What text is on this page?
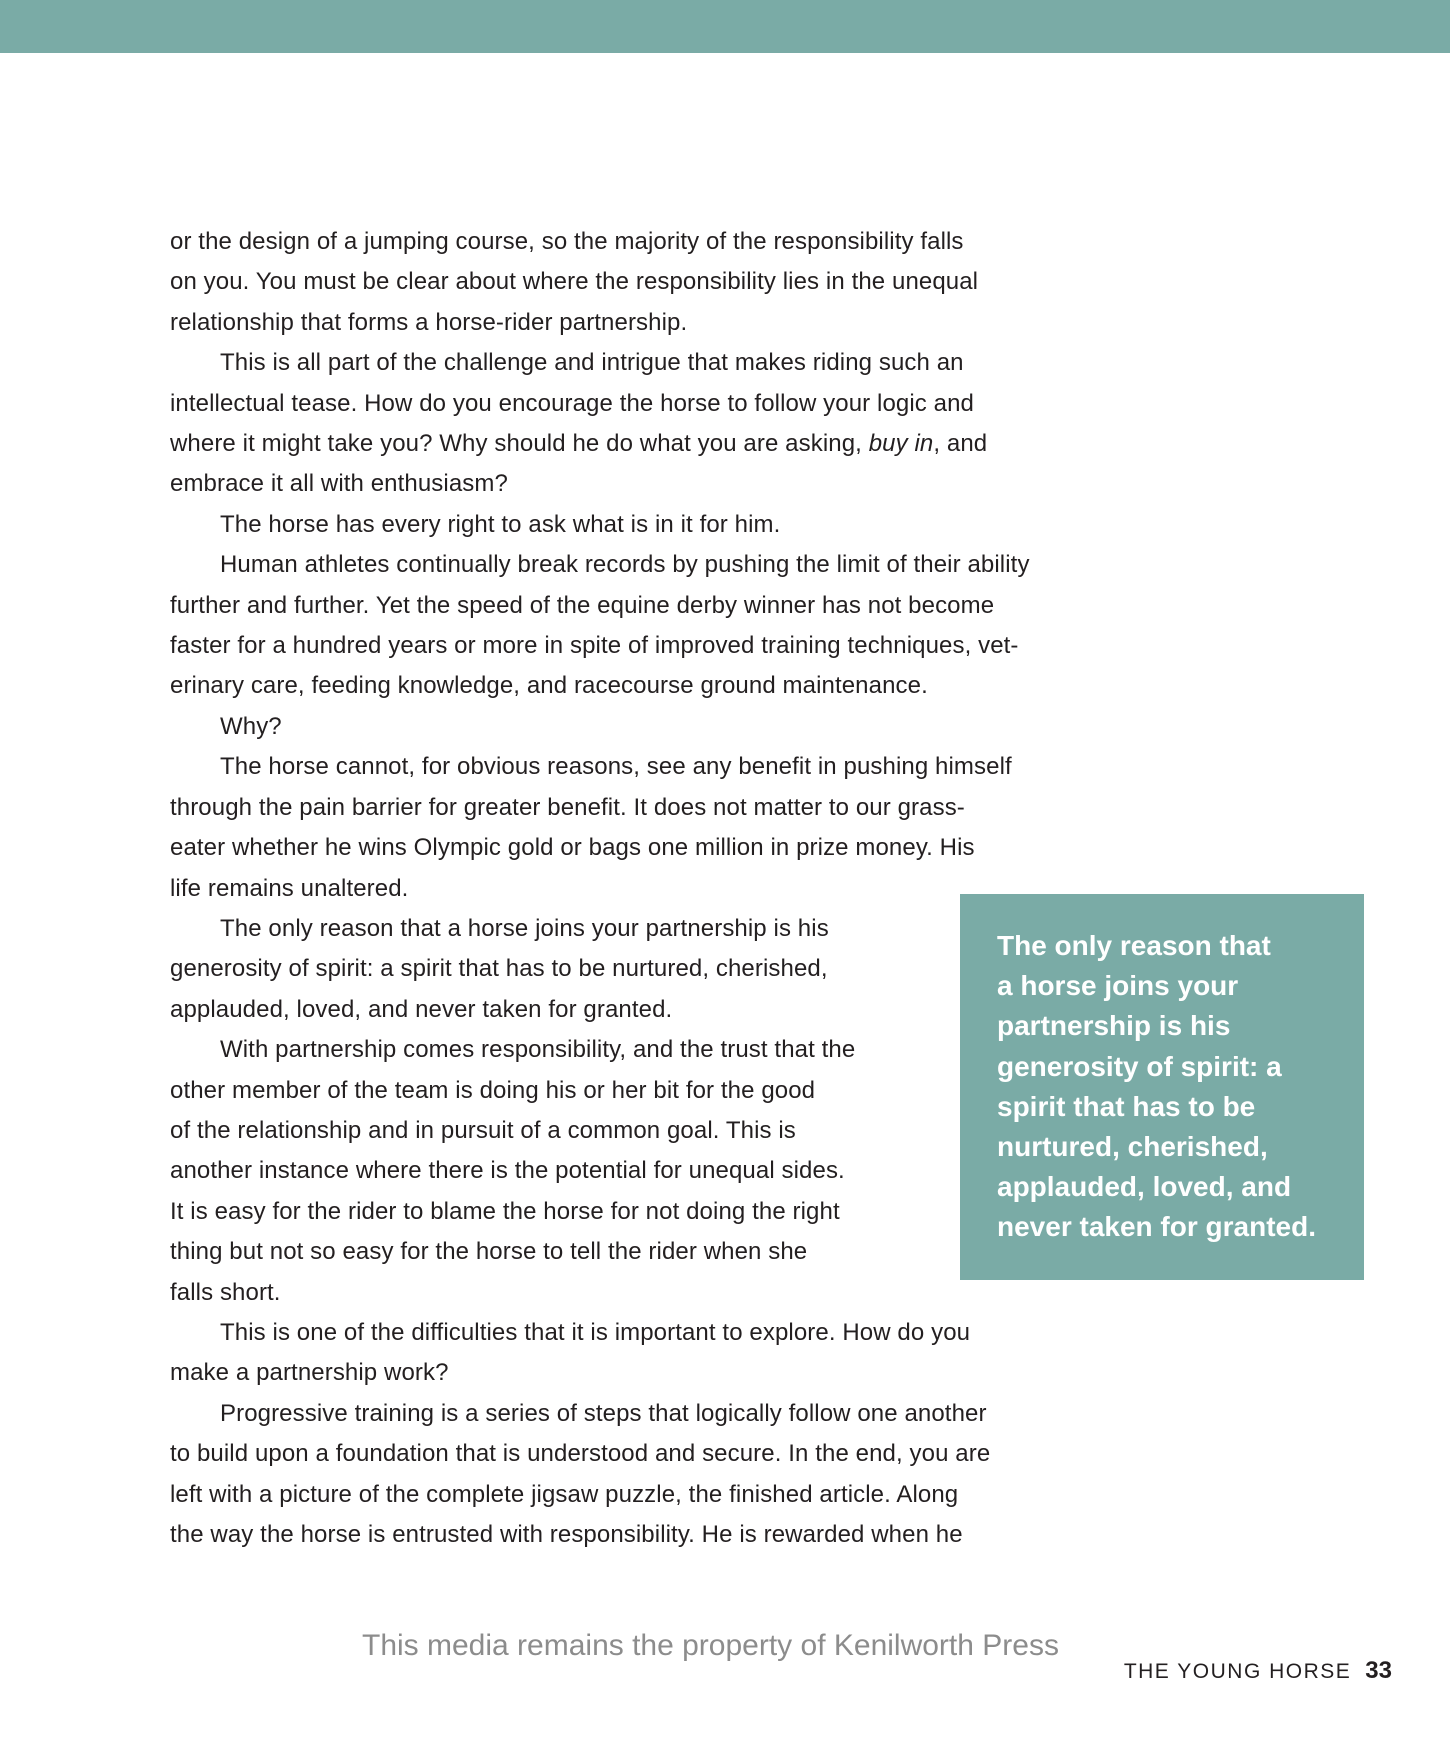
or the design of a jumping course, so the majority of the responsibility falls

on you. You must be clear about where the responsibility lies in the unequal

relationship that forms a horse-rider partnership.

This is all part of the challenge and intrigue that makes riding such an

intellectual tease. How do you encourage the horse to follow your logic and

where it might take you? Why should he do what you are asking, buy in, and

embrace it all with enthusiasm?

The horse has every right to ask what is in it for him.

Human athletes continually break records by pushing the limit of their ability

further and further. Yet the speed of the equine derby winner has not become

faster for a hundred years or more in spite of improved training techniques, vet-

erinary care, feeding knowledge, and racecourse ground maintenance.

Why?

The horse cannot, for obvious reasons, see any benefit in pushing himself

through the pain barrier for greater benefit. It does not matter to our grass-

eater whether he wins Olympic gold or bags one million in prize money. His

life remains unaltered.

The only reason that a horse joins your partnership is his

generosity of spirit: a spirit that has to be nurtured, cherished,

applauded, loved, and never taken for granted.

With partnership comes responsibility, and the trust that the

other member of the team is doing his or her bit for the good

of the relationship and in pursuit of a common goal. This is

another instance where there is the potential for unequal sides.

It is easy for the rider to blame the horse for not doing the right

thing but not so easy for the horse to tell the rider when she

falls short.

This is one of the difficulties that it is important to explore. How do you

make a partnership work?

Progressive training is a series of steps that logically follow one another

to build upon a foundation that is understood and secure. In the end, you are

left with a picture of the complete jigsaw puzzle, the finished article. Along

the way the horse is entrusted with responsibility. He is rewarded when he

The only reason that

a horse joins your

partnership is his

generosity of spirit: a

spirit that has to be

nurtured, cherished,

applauded, loved, and

never taken for granted.

This media remains the property of Kenilworth Press
THE YOUNG HORSE 33
